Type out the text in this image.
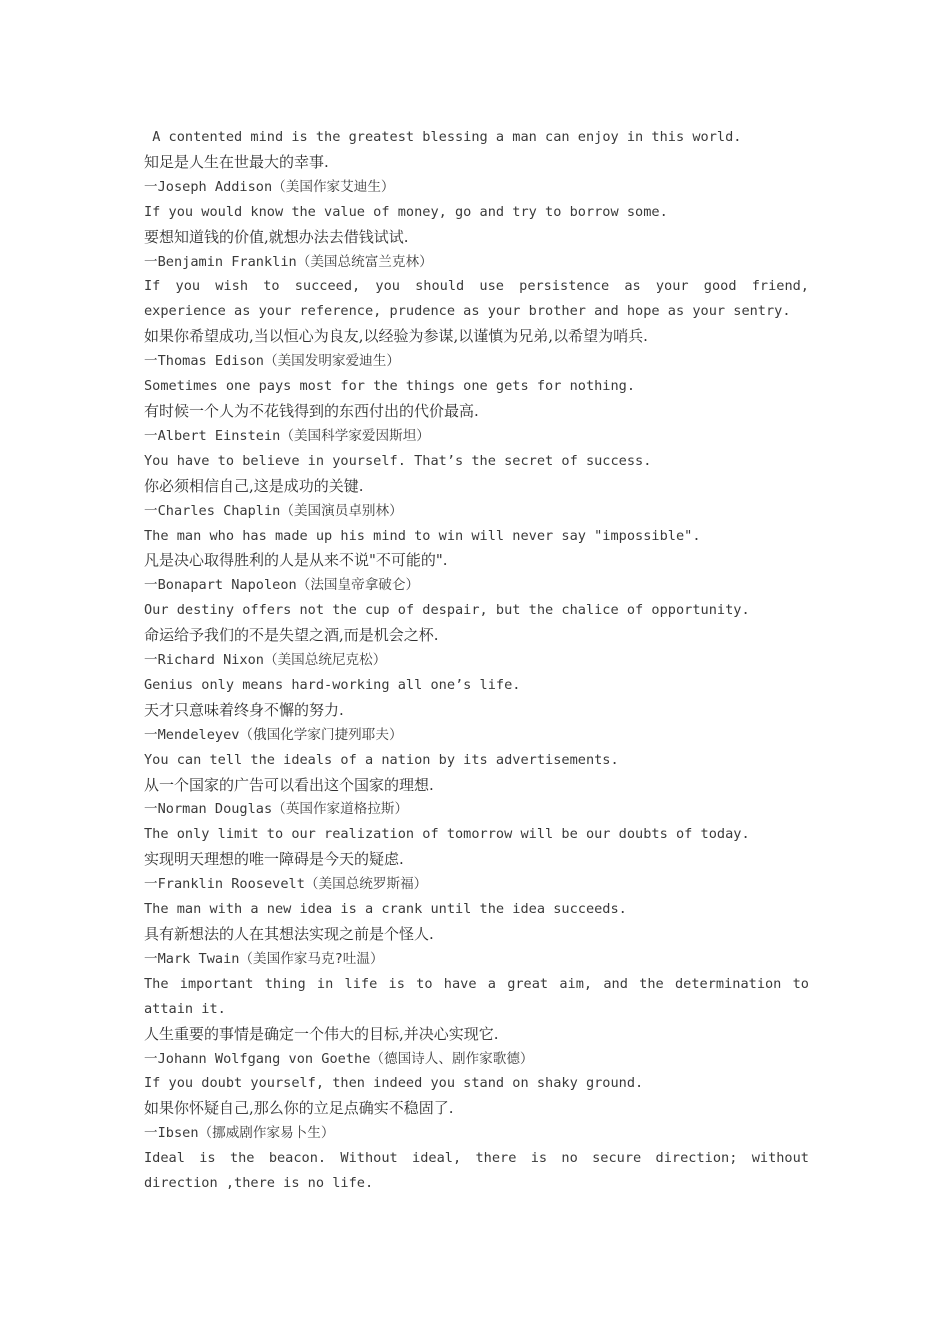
A contented mind is the greatest blessing a man can enjoy in this world.

知足是人生在世最大的幸事.

一Joseph Addison（美国作家艾迪生）

If you would know the value of money, go and try to borrow some.

要想知道钱的价值,就想办法去借钱试试.

一Benjamin Franklin（美国总统富兰克林）

If you wish to succeed, you should use persistence as your good friend, experience as your reference, prudence as your brother and hope as your sentry.

如果你希望成功,当以恒心为良友,以经验为参谋,以谨慎为兄弟,以希望为哨兵.

一Thomas Edison（美国发明家爱迪生）

Sometimes one pays most for the things one gets for nothing.

有时候一个人为不花钱得到的东西付出的代价最高.

一Albert Einstein（美国科学家爱因斯坦）

You have to believe in yourself. That’s the secret of success.

你必须相信自己,这是成功的关键.

一Charles Chaplin（美国演员卓别林）

The man who has made up his mind to win will never say "impossible".

凡是决心取得胜利的人是从来不说"不可能的".

一Bonapart Napoleon（法国皇帝拿破仑）

Our destiny offers not the cup of despair, but the chalice of opportunity.

命运给予我们的不是失望之酒,而是机会之杯.

一Richard Nixon（美国总统尼克松）

Genius only means hard-working all one’s life.

天才只意味着终身不懈的努力.

一Mendeleyev（俄国化学家门捷列耶夫）

You can tell the ideals of a nation by its advertisements.

从一个国家的广告可以看出这个国家的理想.

一Norman Douglas（英国作家道格拉斯）

The only limit to our realization of tomorrow will be our doubts of today.

实现明天理想的唯一障碍是今天的疑虑.

一Franklin Roosevelt（美国总统罗斯福）

The man with a new idea is a crank until the idea succeeds.

具有新想法的人在其想法实现之前是个怪人.

一Mark Twain（美国作家马克?吐温）

The important thing in life is to have a great aim, and the determination to attain it.

人生重要的事情是确定一个伟大的目标,并决心实现它.

一Johann Wolfgang von Goethe（德国诗人、剧作家歌德）

If you doubt yourself, then indeed you stand on shaky ground.

如果你怀疑自己,那么你的立足点确实不稳固了.

一Ibsen（挪威剧作家易卜生）

Ideal is the beacon. Without ideal, there is no secure direction; without direction ,there is no life.
